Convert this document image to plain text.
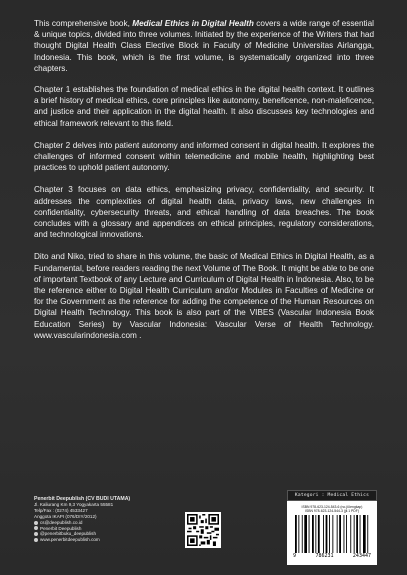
This comprehensive book, Medical Ethics in Digital Health covers a wide range of essential & unique topics, divided into three volumes. Initiated by the experience of the Writers that had thought Digital Health Class Elective Block in Faculty of Medicine Universitas Airlangga, Indonesia. This book, which is the first volume, is systematically organized into three chapters.

Chapter 1 establishes the foundation of medical ethics in the digital health context. It outlines a brief history of medical ethics, core principles like autonomy, beneficence, non-maleficence, and justice and their application in the digital health. It also discusses key technologies and ethical framework relevant to this field.

Chapter 2 delves into patient autonomy and informed consent in digital health. It explores the challenges of informed consent within telemedicine and mobile health, highlighting best practices to uphold patient autonomy.

Chapter 3 focuses on data ethics, emphasizing privacy, confidentiality, and security. It addresses the complexities of digital health data, privacy laws, new challenges in confidentiality, cybersecurity threats, and ethical handling of data breaches. The book concludes with a glossary and appendices on ethical principles, regulatory considerations, and technological innovations.

Dito and Niko, tried to share in this volume, the basic of Medical Ethics in Digital Health, as a Fundamental, before readers reading the next Volume of The Book. It might be able to be one of important Textbook of any Lecture and Curriculum of Digital Health in Indonesia. Also, to be the reference either to Digital Health Curriculum and/or Modules in Faculties of Medicine or for the Government as the reference for adding the competence of the Human Resources on Digital Health Technology. This book is also part of the VIBES (Vascular Indonesia Book Education Series) by Vascular Indonesia: Vascular Verse of Health Technology. www.vascularindonesia.com .

Penerbit Deepublish (CV BUDI UTAMA)
Jl. Kaliurang Km 9,3 Yogyakarta 55581
Telp/Fax : (0274) 4533427
Anggota IKAPI (076/DIY/2012)
cs@deepublish.co.id
Penerbit Deepublish
@penerbitbuku_deepublish
www.penerbitdeepublish.com
Kategori : Medical Ethics
ISBN 978-623-124-543-6 (no.jil.lengkap)
ISBN 978-623-124-544-3 (jil.1 PDF)
9	786231	243447
